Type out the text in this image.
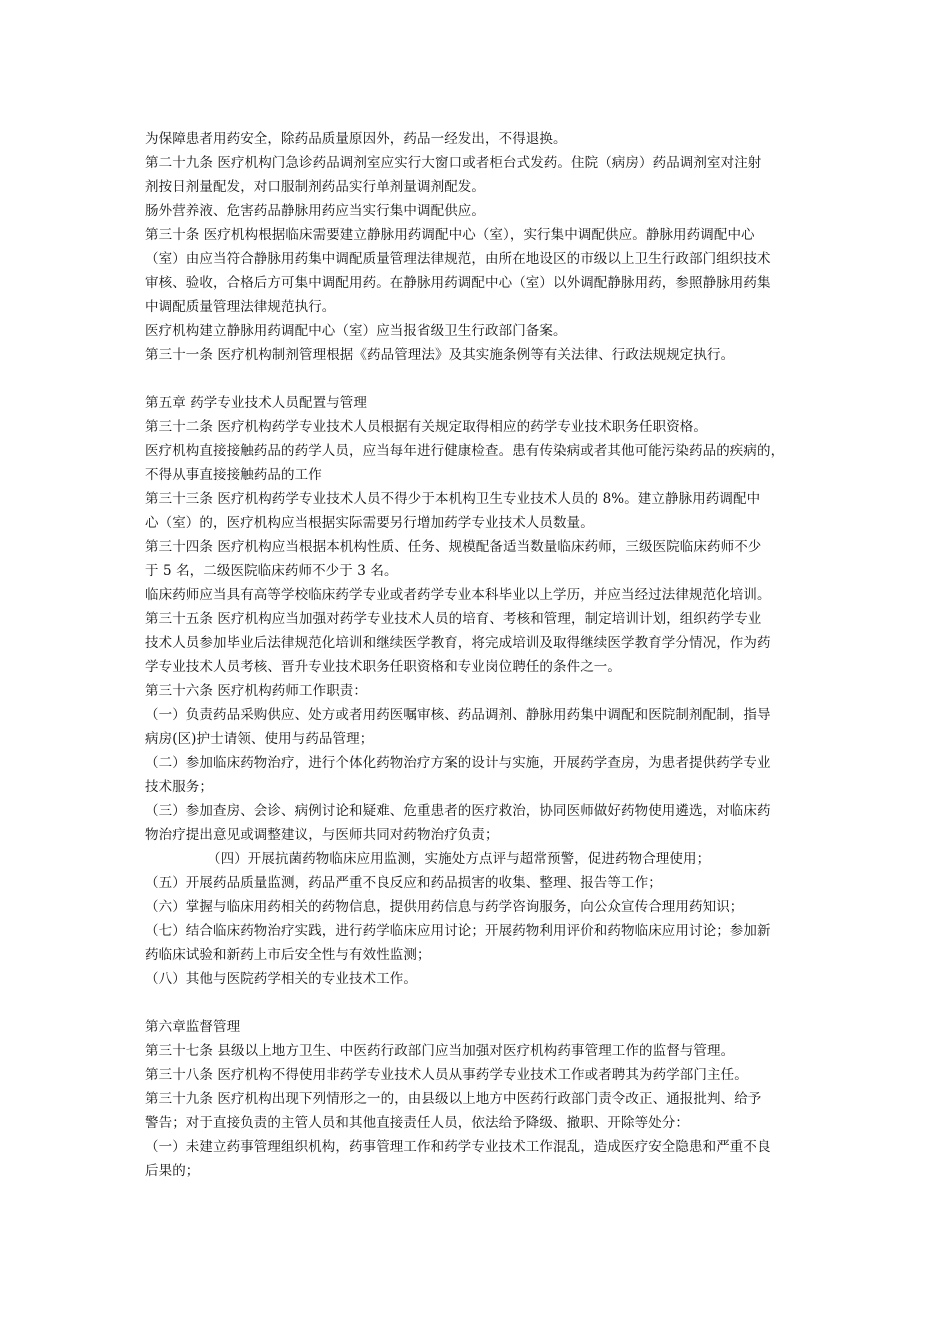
为保障患者用药安全，除药品质量原因外，药品一经发出，不得退换。
第二十九条 医疗机构门急诊药品调剂室应实行大窗口或者柜台式发药。住院（病房）药品调剂室对注射
剂按日剂量配发，对口服制剂药品实行单剂量调剂配发。
肠外营养液、危害药品静脉用药应当实行集中调配供应。
第三十条 医疗机构根据临床需要建立静脉用药调配中心（室），实行集中调配供应。静脉用药调配中心
（室）由应当符合静脉用药集中调配质量管理法律规范，由所在地设区的市级以上卫生行政部门组织技术
审核、验收，合格后方可集中调配用药。在静脉用药调配中心（室）以外调配静脉用药，参照静脉用药集
中调配质量管理法律规范执行。
医疗机构建立静脉用药调配中心（室）应当报省级卫生行政部门备案。
第三十一条 医疗机构制剂管理根据《药品管理法》及其实施条例等有关法律、行政法规规定执行。
第五章 药学专业技术人员配置与管理
第三十二条 医疗机构药学专业技术人员根据有关规定取得相应的药学专业技术职务任职资格。
医疗机构直接接触药品的药学人员，应当每年进行健康检查。患有传染病或者其他可能污染药品的疾病的，
不得从事直接接触药品的工作
第三十三条 医疗机构药学专业技术人员不得少于本机构卫生专业技术人员的 8%。建立静脉用药调配中
心（室）的，医疗机构应当根据实际需要另行增加药学专业技术人员数量。
第三十四条 医疗机构应当根据本机构性质、任务、规模配备适当数量临床药师，三级医院临床药师不少
于 5 名，二级医院临床药师不少于 3 名。
临床药师应当具有高等学校临床药学专业或者药学专业本科毕业以上学历，并应当经过法律规范化培训。
第三十五条 医疗机构应当加强对药学专业技术人员的培育、考核和管理，制定培训计划，组织药学专业
技术人员参加毕业后法律规范化培训和继续医学教育，将完成培训及取得继续医学教育学分情况，作为药
学专业技术人员考核、晋升专业技术职务任职资格和专业岗位聘任的条件之一。
第三十六条 医疗机构药师工作职责：
（一）负责药品采购供应、处方或者用药医嘱审核、药品调剂、静脉用药集中调配和医院制剂配制，指导
病房(区)护士请领、使用与药品管理；
（二）参加临床药物治疗，进行个体化药物治疗方案的设计与实施，开展药学查房，为患者提供药学专业
技术服务；
（三）参加查房、会诊、病例讨论和疑难、危重患者的医疗救治，协同医师做好药物使用遴选，对临床药
物治疗提出意见或调整建议，与医师共同对药物治疗负责；
（四）开展抗菌药物临床应用监测，实施处方点评与超常预警，促进药物合理使用；
（五）开展药品质量监测，药品严重不良反应和药品损害的收集、整理、报告等工作；
（六）掌握与临床用药相关的药物信息，提供用药信息与药学咨询服务，向公众宣传合理用药知识；
（七）结合临床药物治疗实践，进行药学临床应用讨论；开展药物利用评价和药物临床应用讨论；参加新
药临床试验和新药上市后安全性与有效性监测；
（八）其他与医院药学相关的专业技术工作。
第六章监督管理
第三十七条 县级以上地方卫生、中医药行政部门应当加强对医疗机构药事管理工作的监督与管理。
第三十八条 医疗机构不得使用非药学专业技术人员从事药学专业技术工作或者聘其为药学部门主任。
第三十九条 医疗机构出现下列情形之一的，由县级以上地方中医药行政部门责令改正、通报批判、给予
警告；对于直接负责的主管人员和其他直接责任人员，依法给予降级、撤职、开除等处分：
（一）未建立药事管理组织机构，药事管理工作和药学专业技术工作混乱，造成医疗安全隐患和严重不良
后果的；
